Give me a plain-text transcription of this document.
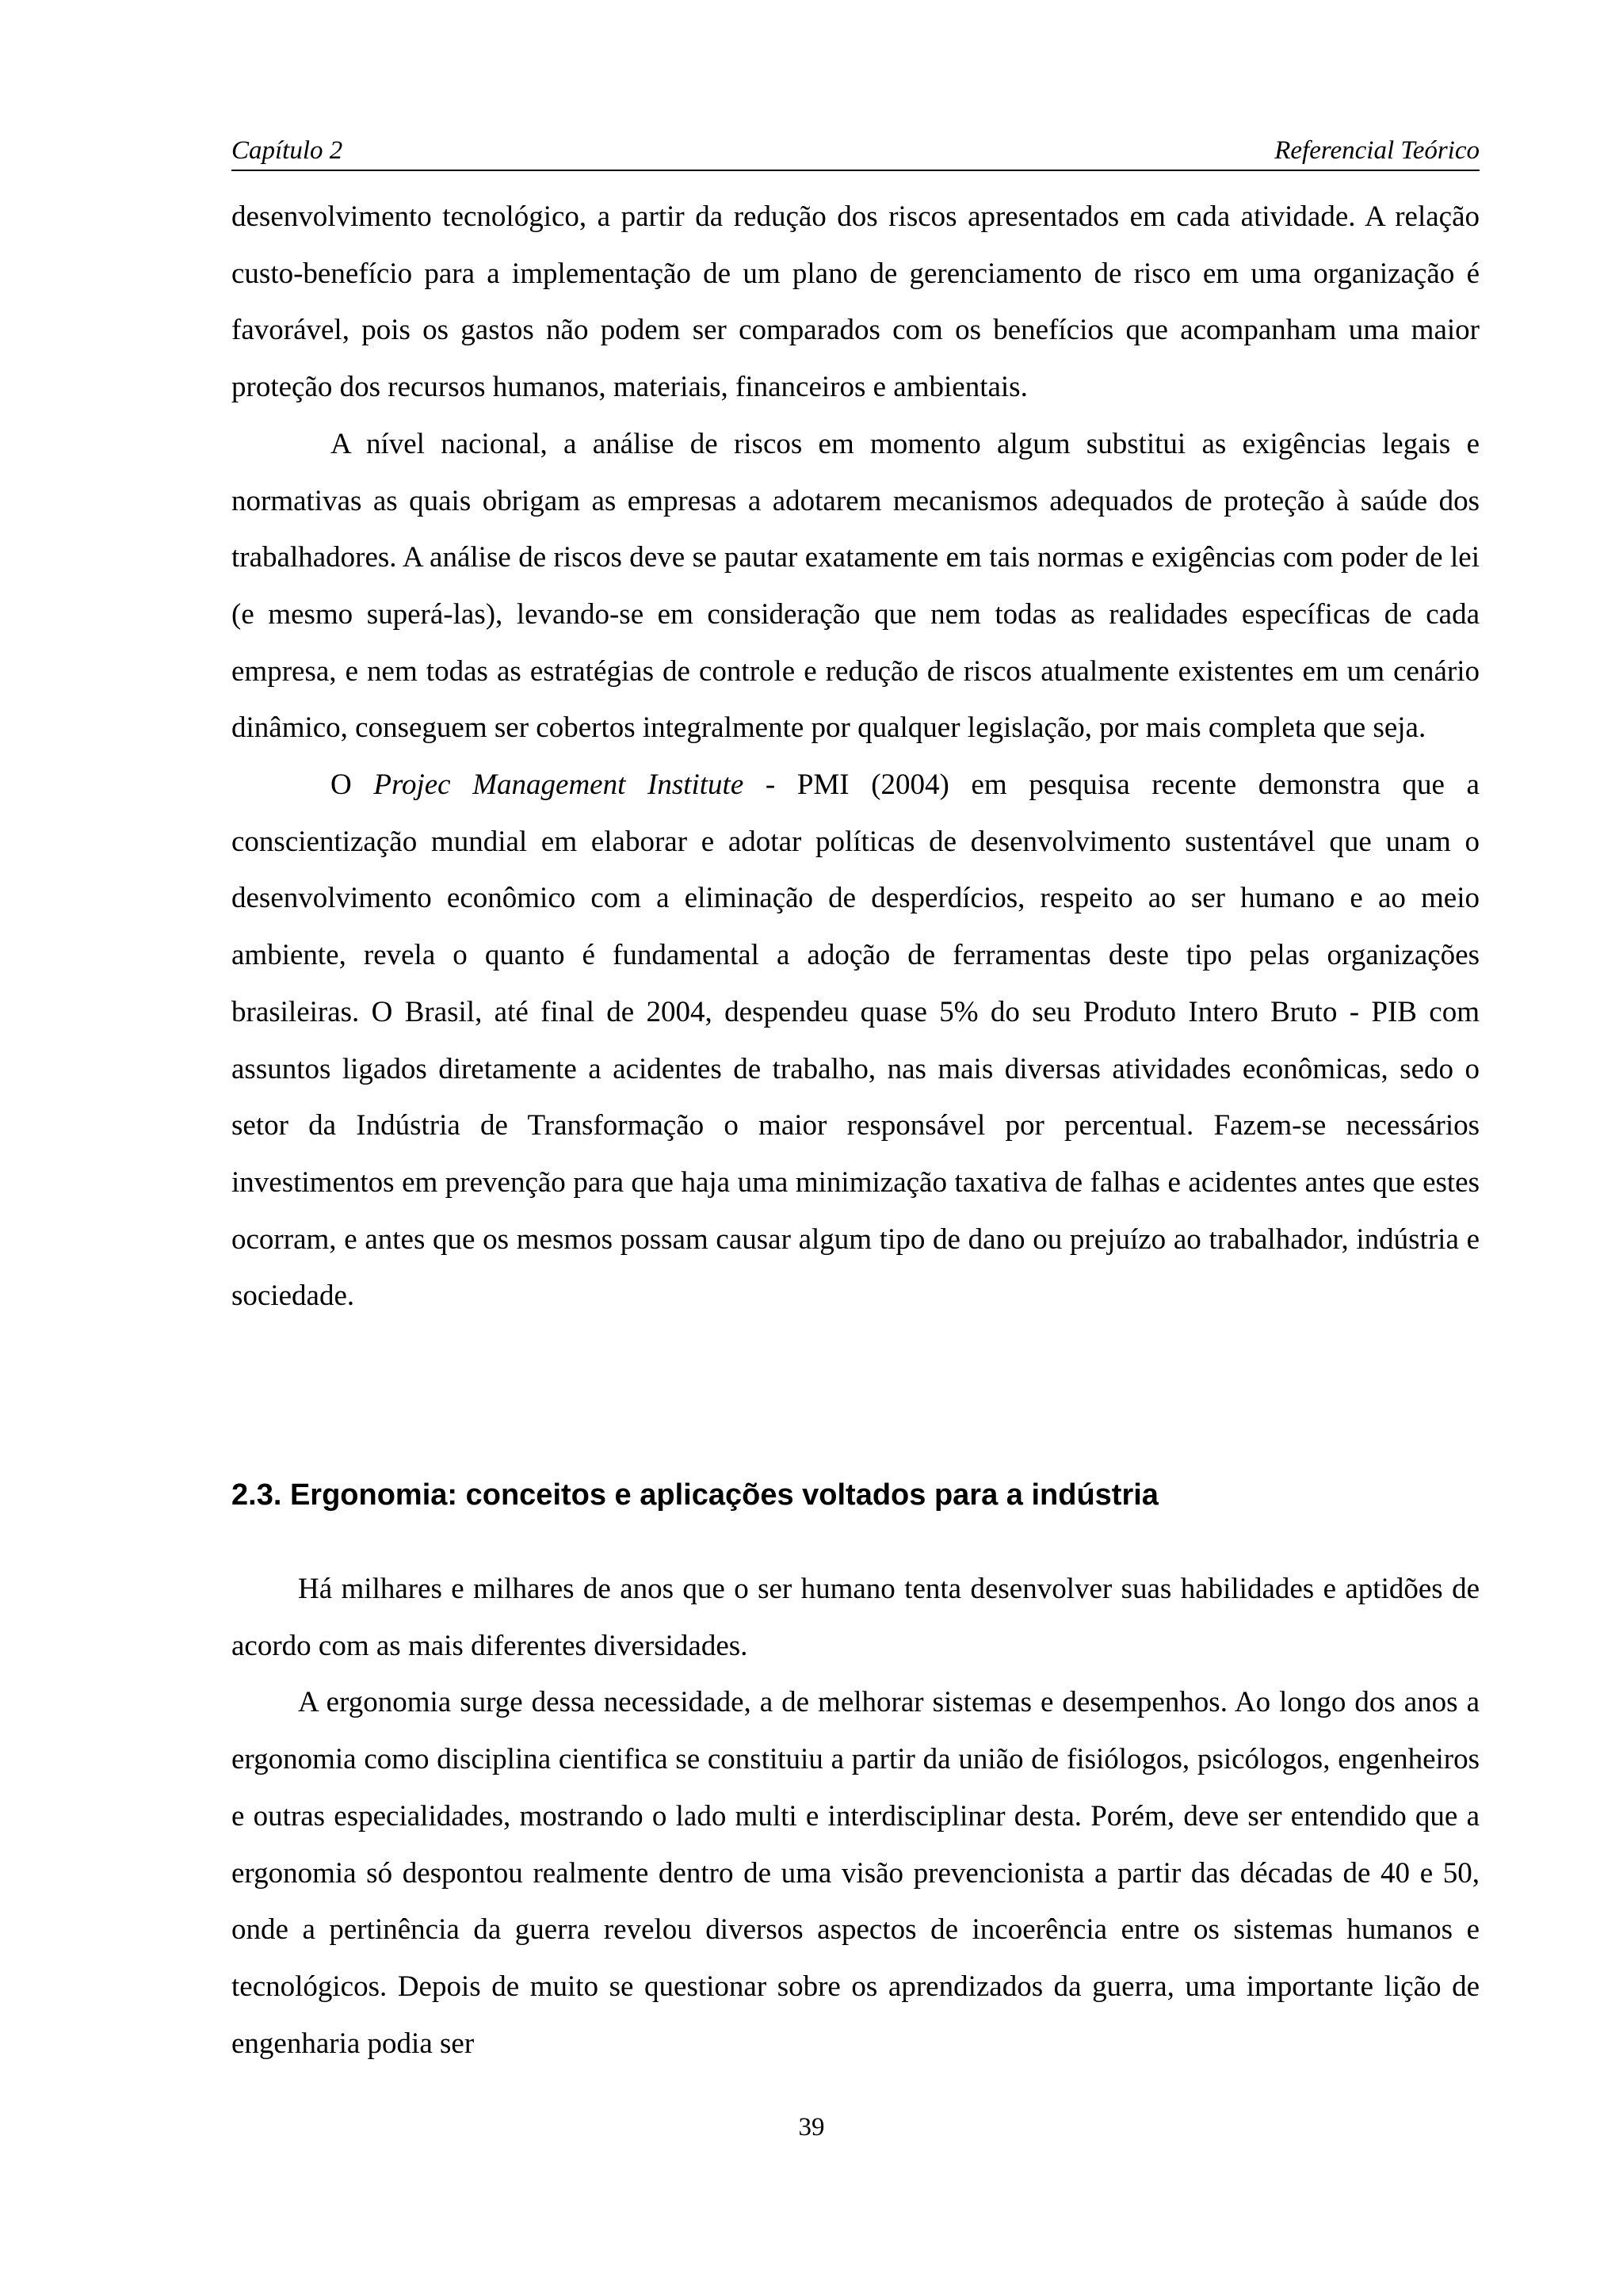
Capítulo 2	Referencial Teórico

desenvolvimento tecnológico, a partir da redução dos riscos apresentados em cada atividade. A relação custo-benefício para a implementação de um plano de gerenciamento de risco em uma organização é favorável, pois os gastos não podem ser comparados com os benefícios que acompanham uma maior proteção dos recursos humanos, materiais, financeiros e ambientais.

A nível nacional, a análise de riscos em momento algum substitui as exigências legais e normativas as quais obrigam as empresas a adotarem mecanismos adequados de proteção à saúde dos trabalhadores. A análise de riscos deve se pautar exatamente em tais normas e exigências com poder de lei (e mesmo superá-las), levando-se em consideração que nem todas as realidades específicas de cada empresa, e nem todas as estratégias de controle e redução de riscos atualmente existentes em um cenário dinâmico, conseguem ser cobertos integralmente por qualquer legislação, por mais completa que seja.

O Projec Management Institute - PMI (2004) em pesquisa recente demonstra que a conscientização mundial em elaborar e adotar políticas de desenvolvimento sustentável que unam o desenvolvimento econômico com a eliminação de desperdícios, respeito ao ser humano e ao meio ambiente, revela o quanto é fundamental a adoção de ferramentas deste tipo pelas organizações brasileiras. O Brasil, até final de 2004, despendeu quase 5% do seu Produto Intero Bruto - PIB com assuntos ligados diretamente a acidentes de trabalho, nas mais diversas atividades econômicas, sedo o setor da Indústria de Transformação o maior responsável por percentual. Fazem-se necessários investimentos em prevenção para que haja uma minimização taxativa de falhas e acidentes antes que estes ocorram, e antes que os mesmos possam causar algum tipo de dano ou prejuízo ao trabalhador, indústria e sociedade.

2.3. Ergonomia: conceitos e aplicações voltados para a indústria

Há milhares e milhares de anos que o ser humano tenta desenvolver suas habilidades e aptidões de acordo com as mais diferentes diversidades.

A ergonomia surge dessa necessidade, a de melhorar sistemas e desempenhos. Ao longo dos anos a ergonomia como disciplina cientifica se constituiu a partir da união de fisiólogos, psicólogos, engenheiros e outras especialidades, mostrando o lado multi e interdisciplinar desta. Porém, deve ser entendido que a ergonomia só despontou realmente dentro de uma visão prevencionista a partir das décadas de 40 e 50, onde a pertinência da guerra revelou diversos aspectos de incoerência entre os sistemas humanos e tecnológicos. Depois de muito se questionar sobre os aprendizados da guerra, uma importante lição de engenharia podia ser

39
